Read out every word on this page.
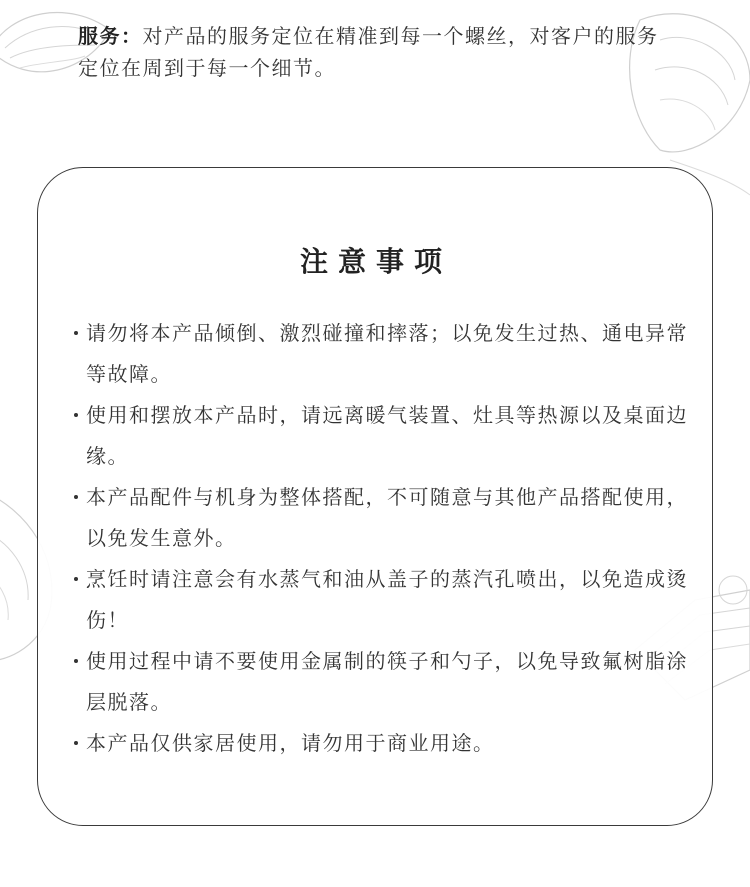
服务：对产品的服务定位在精准到每一个螺丝，对客户的服务定位在周到于每一个细节。
注意事项
请勿将本产品倾倒、激烈碰撞和摔落；以免发生过热、通电异常等故障。
使用和摆放本产品时，请远离暖气装置、灶具等热源以及桌面边缘。
本产品配件与机身为整体搭配，不可随意与其他产品搭配使用，以免发生意外。
烹饪时请注意会有水蒸气和油从盖子的蒸汽孔喷出，以免造成烫伤！
使用过程中请不要使用金属制的筷子和勺子，以免导致氟树脂涂层脱落。
本产品仅供家居使用，请勿用于商业用途。
